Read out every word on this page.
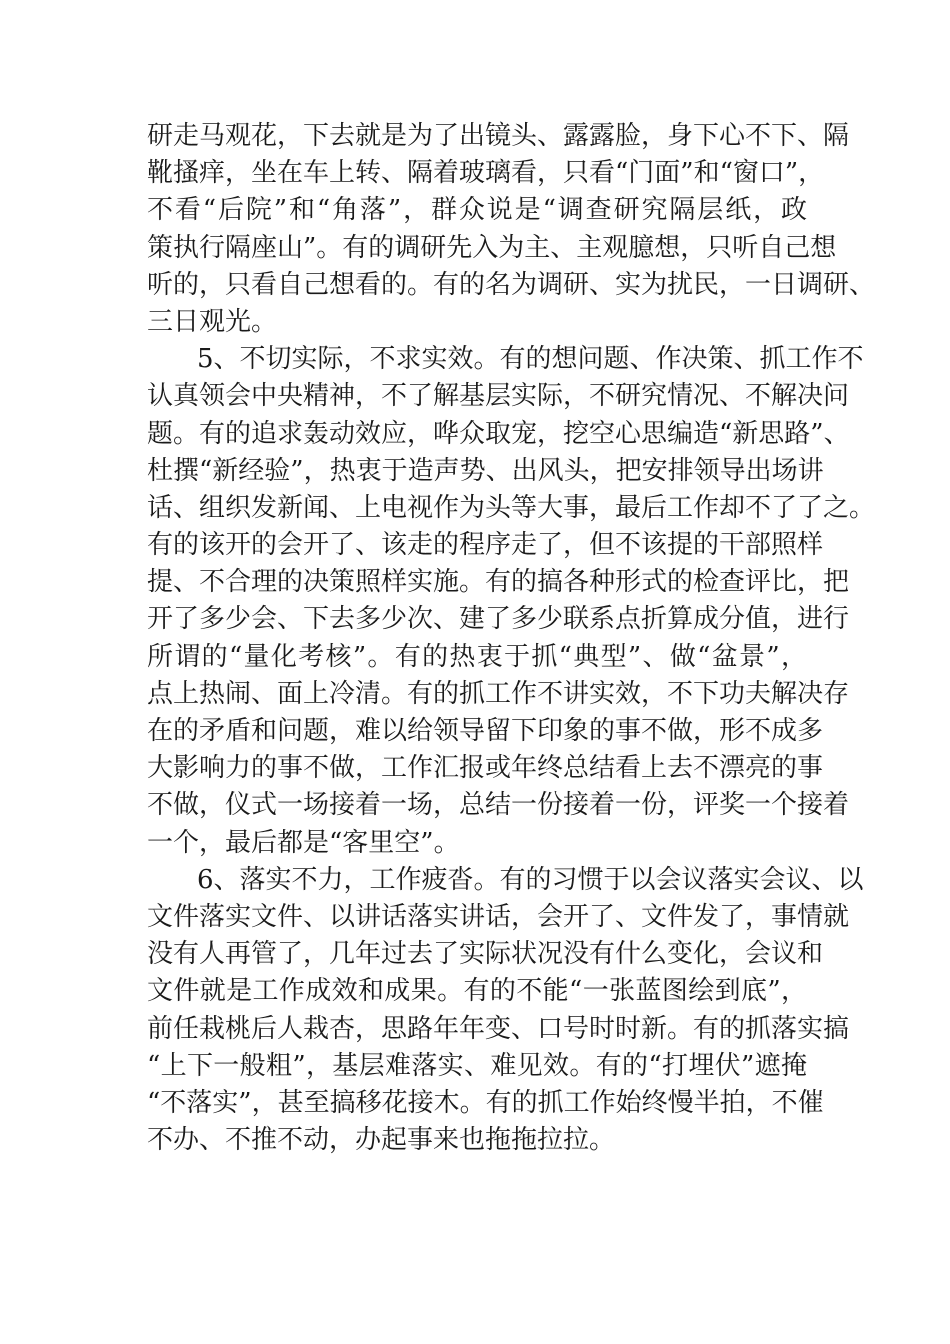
研走马观花，下去就是为了出镜头、露露脸，身下心不下、隔
靴搔痒，坐在车上转、隔着玻璃看，只看“门面”和“窗口”，
不看“后院”和“角落”，群众说是“调查研究隔层纸，政
策执行隔座山”。有的调研先入为主、主观臆想，只听自己想
听的，只看自己想看的。有的名为调研、实为扰民，一日调研、
三日观光。
5、不切实际，不求实效。有的想问题、作决策、抓工作不
认真领会中央精神，不了解基层实际，不研究情况、不解决问
题。有的追求轰动效应，哗众取宠，挖空心思编造“新思路”、
杜撰“新经验”，热衷于造声势、出风头，把安排领导出场讲
话、组织发新闻、上电视作为头等大事，最后工作却不了了之。
有的该开的会开了、该走的程序走了，但不该提的干部照样
提、不合理的决策照样实施。有的搞各种形式的检查评比，把
开了多少会、下去多少次、建了多少联系点折算成分值，进行
所谓的“量化考核”。有的热衷于抓“典型”、做“盆景”，
点上热闹、面上冷清。有的抓工作不讲实效，不下功夫解决存
在的矛盾和问题，难以给领导留下印象的事不做，形不成多
大影响力的事不做，工作汇报或年终总结看上去不漂亮的事
不做，仪式一场接着一场，总结一份接着一份，评奖一个接着
一个，最后都是“客里空”。
6、落实不力，工作疲沓。有的习惯于以会议落实会议、以
文件落实文件、以讲话落实讲话，会开了、文件发了，事情就
没有人再管了，几年过去了实际状况没有什么变化，会议和
文件就是工作成效和成果。有的不能“一张蓝图绘到底”，
前任栽桃后人栽杏，思路年年变、口号时时新。有的抓落实搞
“上下一般粗”，基层难落实、难见效。有的“打埋伏”遮掩
“不落实”，甚至搞移花接木。有的抓工作始终慢半拍，不催
不办、不推不动，办起事来也拖拖拉拉。
